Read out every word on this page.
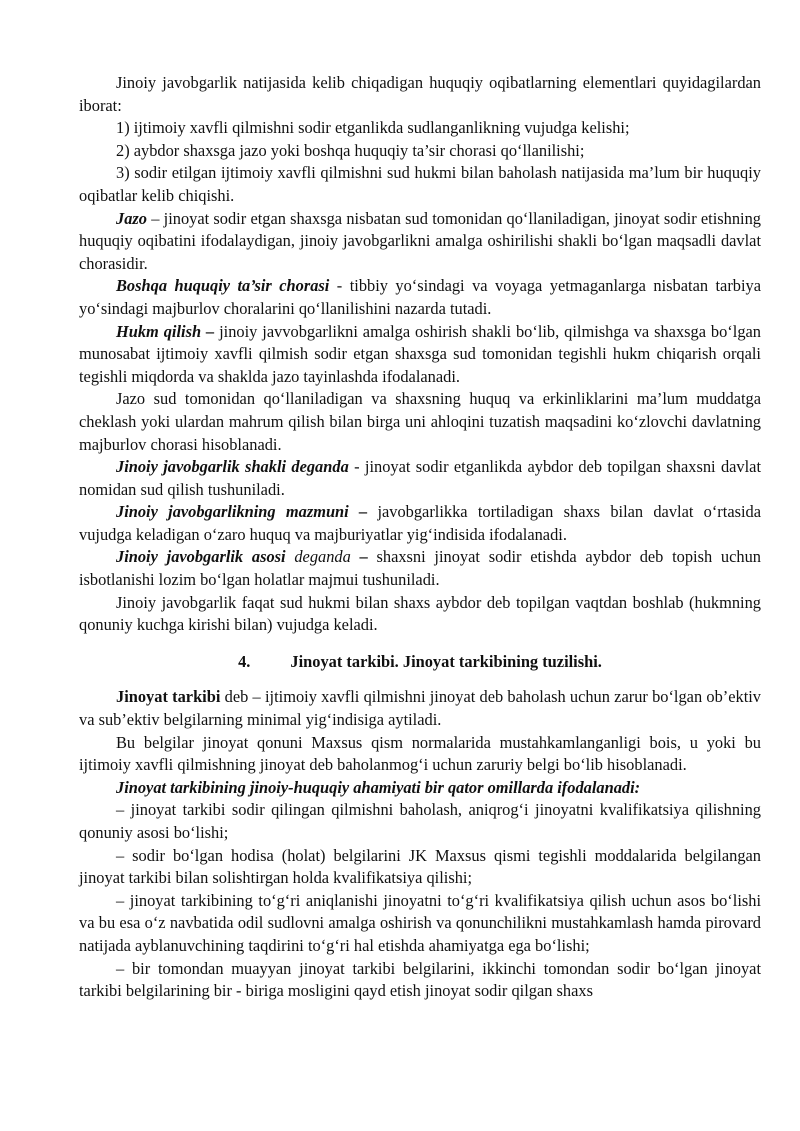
Jinoiy javobgarlik natijasida kelib chiqadigan huquqiy oqibatlarning elementlari quyidagilardan iborat:

1) ijtimoiy xavfli qilmishni sodir etganlikda sudlanganlikning vujudga kelishi;

2) aybdor shaxsga jazo yoki boshqa huquqiy ta’sir chorasi qo‘llanilishi;

3) sodir etilgan ijtimoiy xavfli qilmishni sud hukmi bilan baholash natijasida ma’lum bir huquqiy oqibatlar kelib chiqishi.

Jazo – jinoyat sodir etgan shaxsga nisbatan sud tomonidan qo‘llaniladigan, jinoyat sodir etishning huquqiy oqibatini ifodalaydigan, jinoiy javobgarlikni amalga oshirilishi shakli bo‘lgan maqsadli davlat chorasidir.

Boshqa huquqiy ta’sir chorasi - tibbiy yo‘sindagi va voyaga yetmaganlarga nisbatan tarbiya yo‘sindagi majburlov choralarini qo‘llanilishini nazarda tutadi.

Hukm qilish – jinoiy javvobgarlikni amalga oshirish shakli bo‘lib, qilmishga va shaxsga bo‘lgan munosabat ijtimoiy xavfli qilmish sodir etgan shaxsga sud tomonidan tegishli hukm chiqarish orqali tegishli miqdorda va shaklda jazo tayinlashda ifodalanadi.

Jazo sud tomonidan qo‘llaniladigan va shaxsning huquq va erkinliklarini ma’lum muddatga cheklash yoki ulardan mahrum qilish bilan birga uni ahloqini tuzatish maqsadini ko‘zlovchi davlatning majburlov chorasi hisoblanadi.

Jinoiy javobgarlik shakli deganda - jinoyat sodir etganlikda aybdor deb topilgan shaxsni davlat nomidan sud qilish tushuniladi.

Jinoiy javobgarlikning mazmuni – javobgarlikka tortiladigan shaxs bilan davlat o‘rtasida vujudga keladigan o‘zaro huquq va majburiyatlar yig‘indisida ifodalanadi.

Jinoiy javobgarlik asosi deganda – shaxsni jinoyat sodir etishda aybdor deb topish uchun isbotlanishi lozim bo‘lgan holatlar majmui tushuniladi.

Jinoiy javobgarlik faqat sud hukmi bilan shaxs aybdor deb topilgan vaqtdan boshlab (hukmning qonuniy kuchga kirishi bilan) vujudga keladi.

4. Jinoyat tarkibi. Jinoyat tarkibining tuzilishi.

Jinoyat tarkibi deb – ijtimoiy xavfli qilmishni jinoyat deb baholash uchun zarur bo‘lgan ob’ektiv va sub’ektiv belgilarning minimal yig‘indisiga aytiladi.

Bu belgilar jinoyat qonuni Maxsus qism normalarida mustahkamlanganligi bois, u yoki bu ijtimoiy xavfli qilmishning jinoyat deb baholanmog‘i uchun zaruriy belgi bo‘lib hisoblanadi.

Jinoyat tarkibining jinoiy-huquqiy ahamiyati bir qator omillarda ifodalanadi:

– jinoyat tarkibi sodir qilingan qilmishni baholash, aniqrog‘i jinoyatni kvalifikatsiya qilishning qonuniy asosi bo‘lishi;

– sodir bo‘lgan hodisa (holat) belgilarini JK Maxsus qismi tegishli moddalarida belgilangan jinoyat tarkibi bilan solishtirgan holda kvalifikatsiya qilishi;

– jinoyat tarkibining to‘g‘ri aniqlanishi jinoyatni to‘g‘ri kvalifikatsiya qilish uchun asos bo‘lishi va bu esa o‘z navbatida odil sudlovni amalga oshirish va qonunchilikni mustahkamlash hamda pirovard natijada ayblanuvchining taqdirini to‘g‘ri hal etishda ahamiyatga ega bo‘lishi;

– bir tomondan muayyan jinoyat tarkibi belgilarini, ikkinchi tomondan sodir bo‘lgan jinoyat tarkibi belgilarining bir - biriga mosligini qayd etish jinoyat sodir qilgan shaxs
